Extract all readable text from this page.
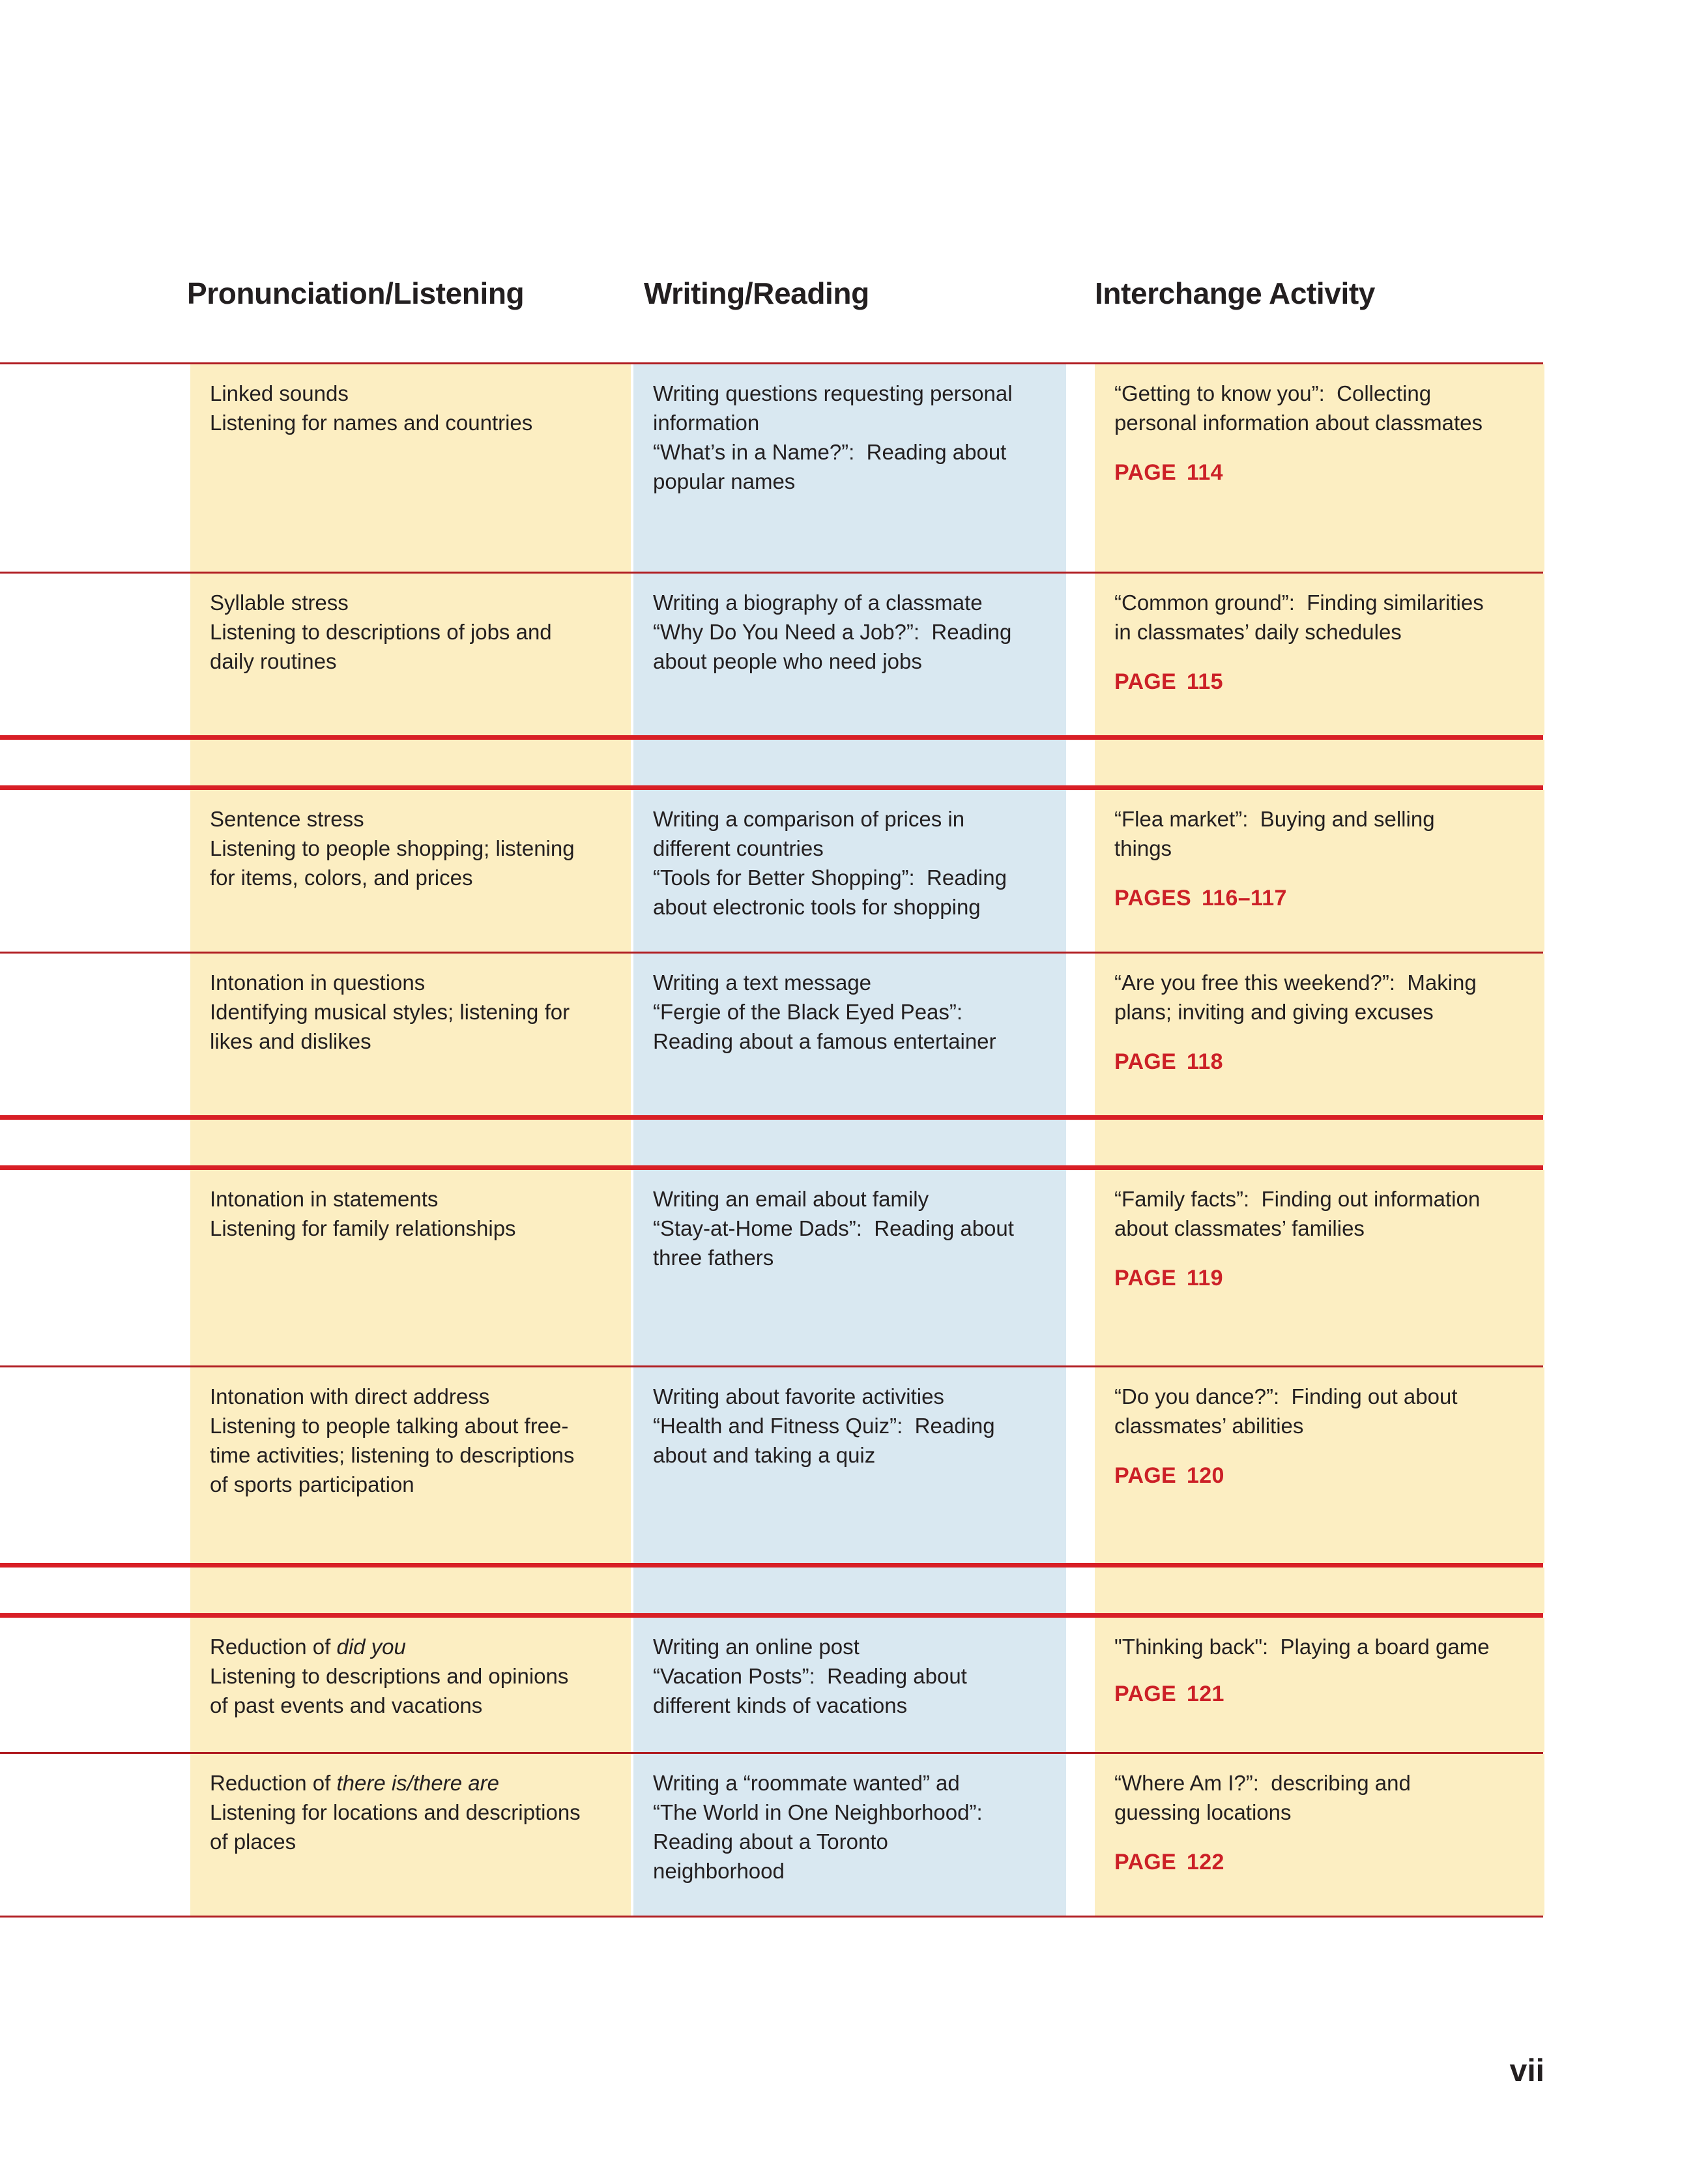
Pronunciation/Listening	Writing/Reading	Interchange Activity
Linked sounds
Listening for names and countries
Writing questions requesting personal
information
“What’s in a Name?”:  Reading about
popular names
“Getting to know you”:  Collecting
personal information about classmates
PAGE 114
Syllable stress
Listening to descriptions of jobs and
daily routines
Writing a biography of a classmate
“Why Do You Need a Job?”:  Reading
about people who need jobs
“Common ground”:  Finding similarities
in classmates’ daily schedules
PAGE 115
Sentence stress
Listening to people shopping; listening
for items, colors, and prices
Writing a comparison of prices in
different countries
“Tools for Better Shopping”:  Reading
about electronic tools for shopping
“Flea market”:  Buying and selling
things
PAGES 116–117
Intonation in questions
Identifying musical styles; listening for
likes and dislikes
Writing a text message
“Fergie of the Black Eyed Peas”:
Reading about a famous entertainer
“Are you free this weekend?”:  Making
plans; inviting and giving excuses
PAGE 118
Intonation in statements
Listening for family relationships
Writing an email about family
“Stay-at-Home Dads”:  Reading about
three fathers
“Family facts”:  Finding out information
about classmates’ families
PAGE 119
Intonation with direct address
Listening to people talking about free-
time activities; listening to descriptions
of sports participation
Writing about favorite activities
“Health and Fitness Quiz”:  Reading
about and taking a quiz
“Do you dance?”:  Finding out about
classmates’ abilities
PAGE 120
Reduction of did you
Listening to descriptions and opinions
of past events and vacations
Writing an online post
“Vacation Posts”:  Reading about
different kinds of vacations
"Thinking back":  Playing a board game
PAGE 121
Reduction of there is/there are
Listening for locations and descriptions
of places
Writing a “roommate wanted” ad
“The World in One Neighborhood”:
Reading about a Toronto
neighborhood
“Where Am I?”:  describing and
guessing locations
PAGE 122
vii
